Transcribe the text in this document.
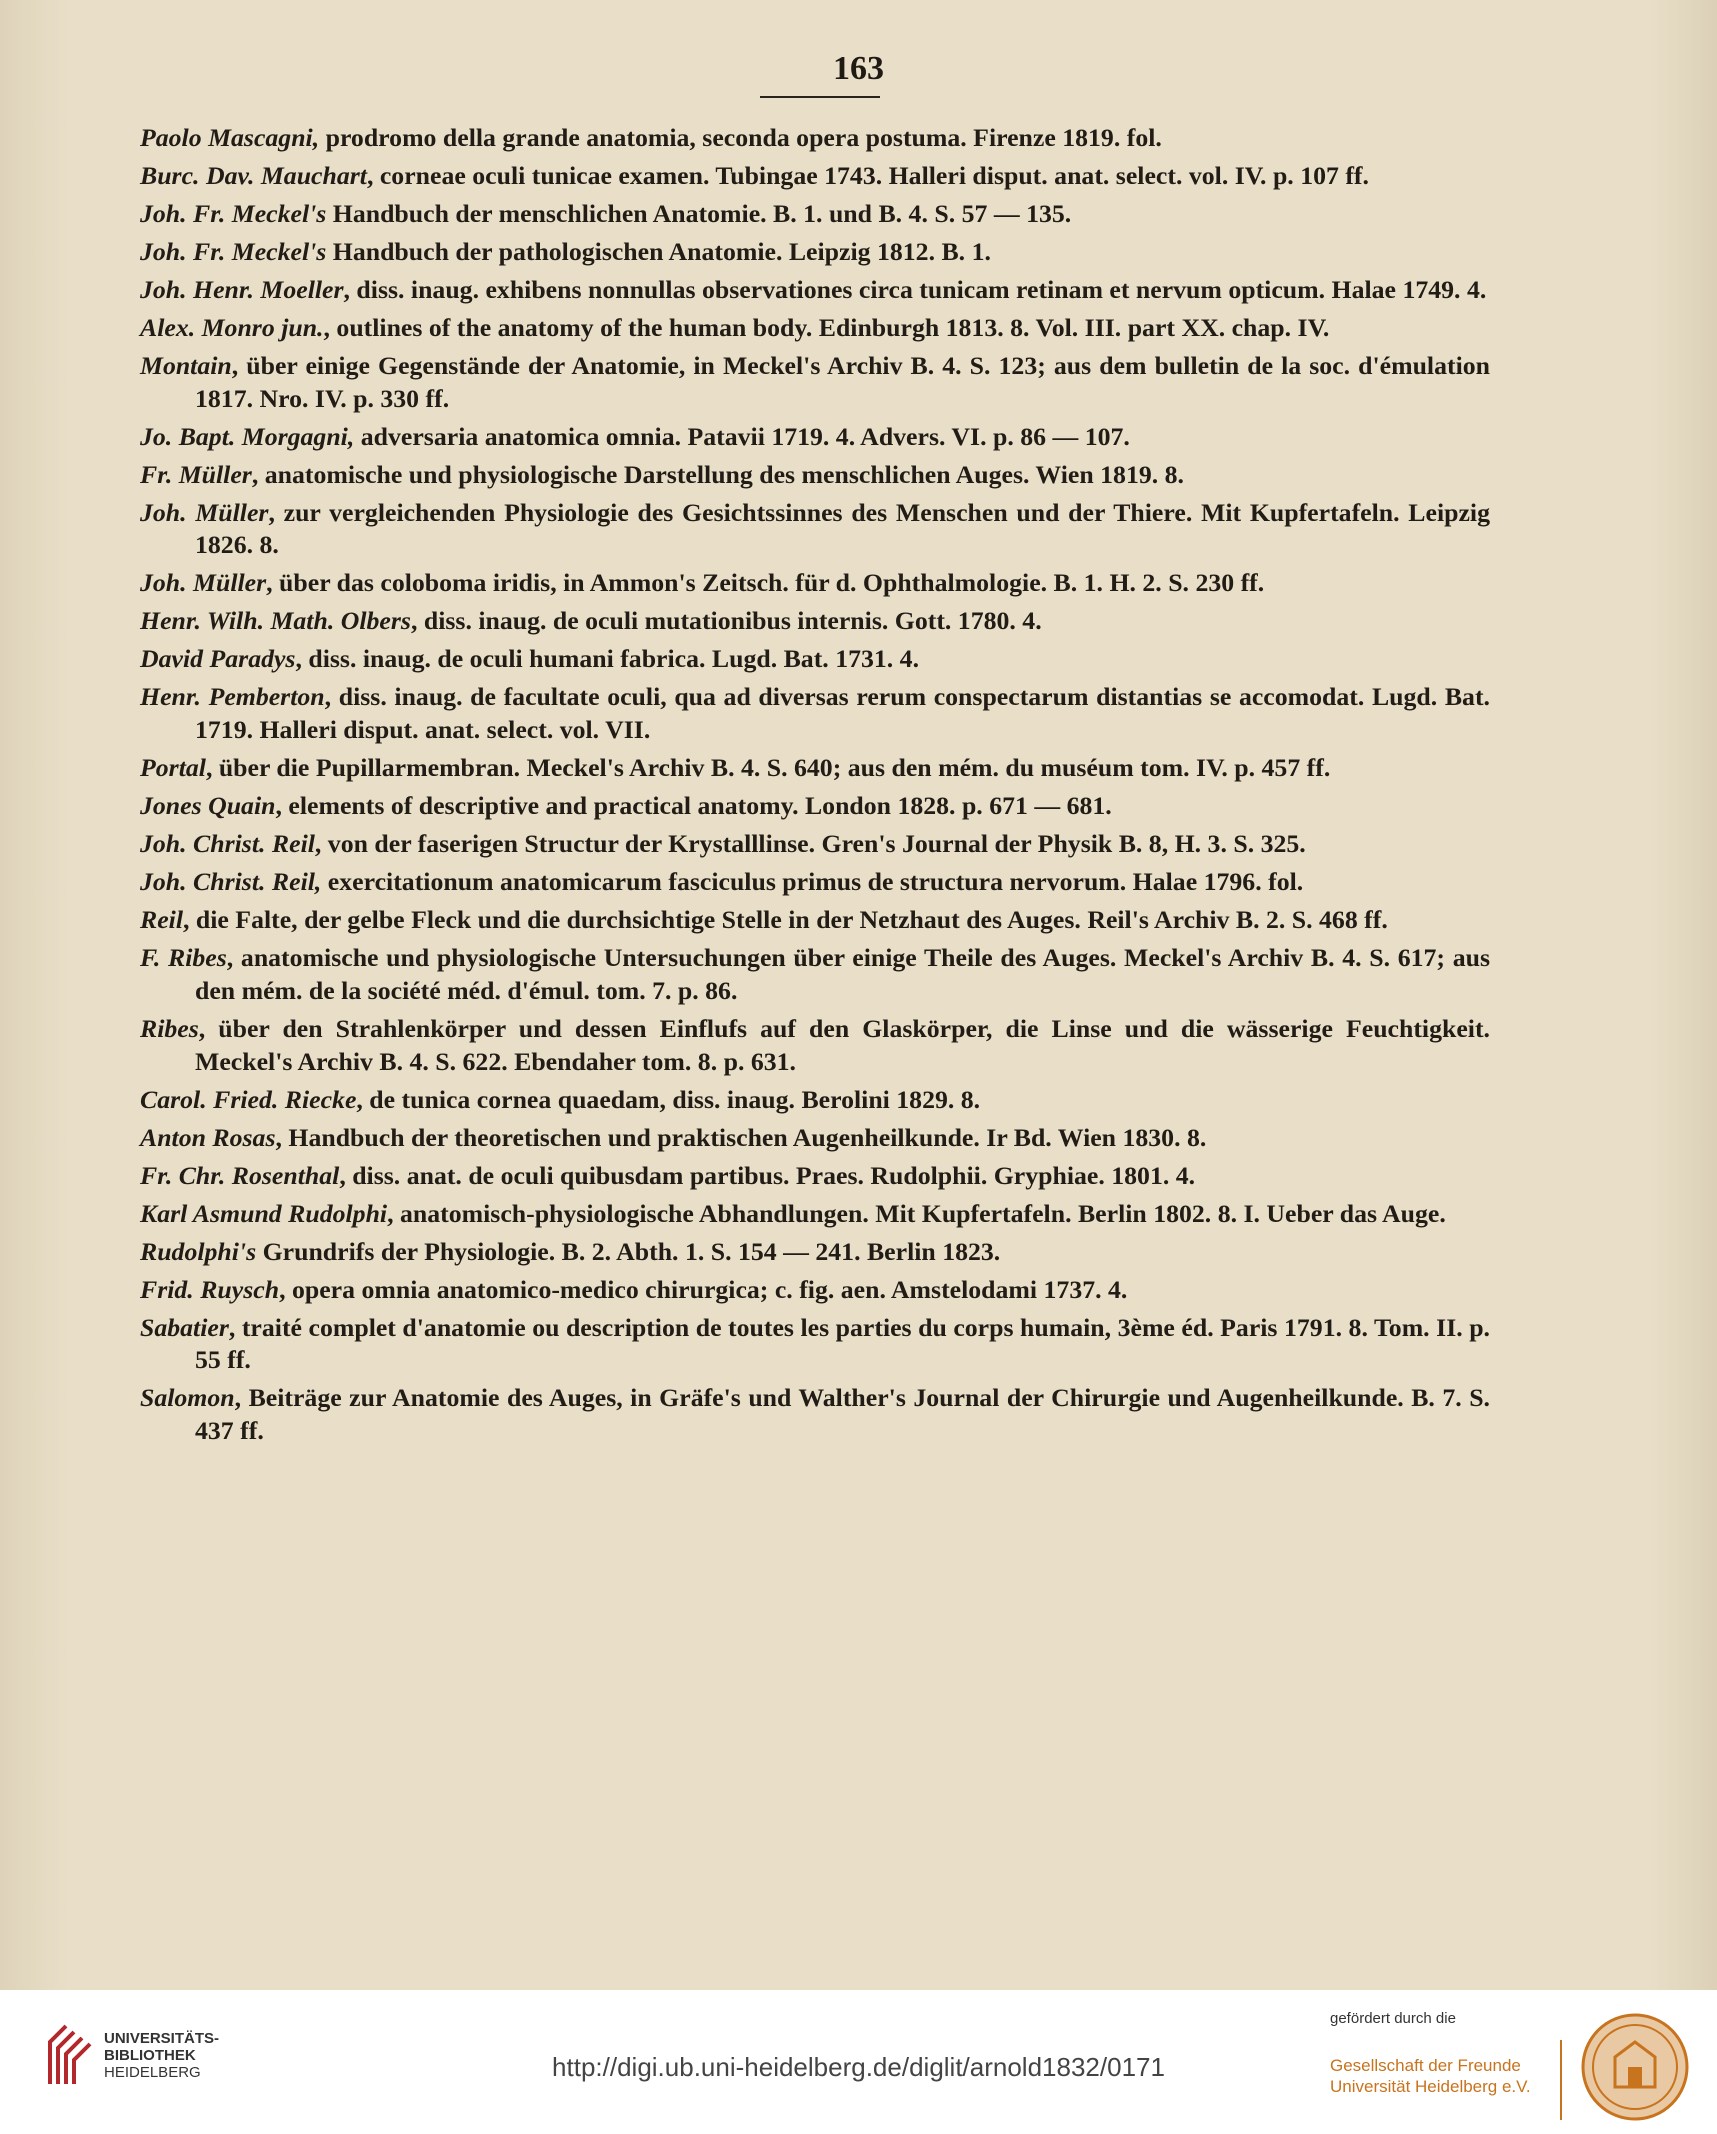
163

Paolo Mascagni, prodromo della grande anatomia, seconda opera postuma. Firenze 1819. fol.

Burc. Dav. Mauchart, corneae oculi tunicae examen. Tubingae 1743. Halleri disput. anat. select. vol. IV. p. 107 ff.

Joh. Fr. Meckel's Handbuch der menschlichen Anatomie. B. 1. und B. 4. S. 57 — 135.

Joh. Fr. Meckel's Handbuch der pathologischen Anatomie. Leipzig 1812. B. 1.

Joh. Henr. Moeller, diss. inaug. exhibens nonnullas observationes circa tunicam retinam et nervum opticum. Halae 1749. 4.

Alex. Monro jun., outlines of the anatomy of the human body. Edinburgh 1813. 8. Vol. III. part XX. chap. IV.

Montain, über einige Gegenstände der Anatomie, in Meckel's Archiv B. 4. S. 123; aus dem bulletin de la soc. d'émulation 1817. Nro. IV. p. 330 ff.

Jo. Bapt. Morgagni, adversaria anatomica omnia. Patavii 1719. 4. Advers. VI. p. 86 — 107.

Fr. Müller, anatomische und physiologische Darstellung des menschlichen Auges. Wien 1819. 8.

Joh. Müller, zur vergleichenden Physiologie des Gesichtssinnes des Menschen und der Thiere. Mit Kupfertafeln. Leipzig 1826. 8.

Joh. Müller, über das coloboma iridis, in Ammon's Zeitsch. für d. Ophthalmologie. B. 1. H. 2. S. 230 ff.

Henr. Wilh. Math. Olbers, diss. inaug. de oculi mutationibus internis. Gott. 1780. 4.

David Paradys, diss. inaug. de oculi humani fabrica. Lugd. Bat. 1731. 4.

Henr. Pemberton, diss. inaug. de facultate oculi, qua ad diversas rerum conspectarum distantias se accomodat. Lugd. Bat. 1719. Halleri disput. anat. select. vol. VII.

Portal, über die Pupillarmembran. Meckel's Archiv B. 4. S. 640; aus den mém. du muséum tom. IV. p. 457 ff.

Jones Quain, elements of descriptive and practical anatomy. London 1828. p. 671 — 681.

Joh. Christ. Reil, von der faserigen Structur der Krystalllinse. Gren's Journal der Physik B. 8, H. 3. S. 325.

Joh. Christ. Reil, exercitationum anatomicarum fasciculus primus de structura nervorum. Halae 1796. fol.

Reil, die Falte, der gelbe Fleck und die durchsichtige Stelle in der Netzhaut des Auges. Reil's Archiv B. 2. S. 468 ff.

F. Ribes, anatomische und physiologische Untersuchungen über einige Theile des Auges. Meckel's Archiv B. 4. S. 617; aus den mém. de la société méd. d'émul. tom. 7. p. 86.

Ribes, über den Strahlenkörper und dessen Einflufs auf den Glaskörper, die Linse und die wässerige Feuchtigkeit. Meckel's Archiv B. 4. S. 622. Ebendaher tom. 8. p. 631.

Carol. Fried. Riecke, de tunica cornea quaedam, diss. inaug. Berolini 1829. 8.

Anton Rosas, Handbuch der theoretischen und praktischen Augenheilkunde. Ir Bd. Wien 1830. 8.

Fr. Chr. Rosenthal, diss. anat. de oculi quibusdam partibus. Praes. Rudolphii. Gryphiae. 1801. 4.

Karl Asmund Rudolphi, anatomisch-physiologische Abhandlungen. Mit Kupfertafeln. Berlin 1802. 8. I. Ueber das Auge.

Rudolphi's Grundrifs der Physiologie. B. 2. Abth. 1. S. 154 — 241. Berlin 1823.

Frid. Ruysch, opera omnia anatomico-medico chirurgica; c. fig. aen. Amstelodami 1737. 4.

Sabatier, traité complet d'anatomie ou description de toutes les parties du corps humain, 3ème éd. Paris 1791. 8. Tom. II. p. 55 ff.

Salomon, Beiträge zur Anatomie des Auges, in Gräfe's und Walther's Journal der Chirurgie und Augenheilkunde. B. 7. S. 437 ff.

UNIVERSITÄTS-
BIBLIOTHEK
HEIDELBERG	http://digi.ub.uni-heidelberg.de/diglit/arnold1832/0171
gefördert durch die
Gesellschaft der Freunde
Universität Heidelberg e.V.
